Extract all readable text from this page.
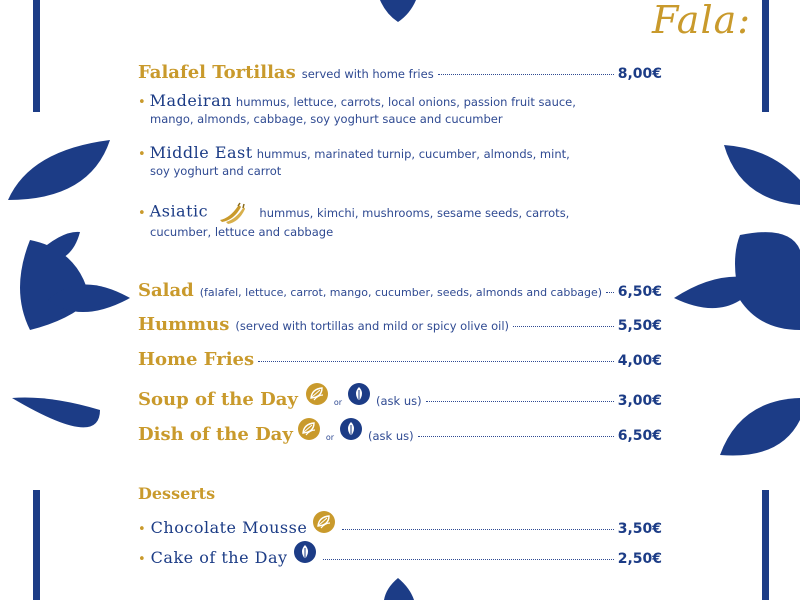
Fala:
Falafel Tortillas served with home fries	8,00€
• Madeiran hummus, lettuce, carrots, local onions, passion fruit sauce,
mango, almonds, cabbage, soy yoghurt sauce and cucumber
• Middle East hummus, marinated turnip, cucumber, almonds, mint,
soy yoghurt and carrot
• Asiatic	hummus, kimchi, mushrooms, sesame seeds, carrots,
cucumber, lettuce and cabbage
Salad (falafel, lettuce, carrot, mango, cucumber, seeds, almonds and cabbage) 6,50€
Hummus (served with tortillas and mild or spicy olive oil)	5,50€
Home Fries	4,00€
Soup of the Day	or	(ask us)	3,00€
Dish of the Day	or	(ask us)	6,50€
Desserts
• Chocolate Mousse	3,50€
• Cake of the Day	2,50€
